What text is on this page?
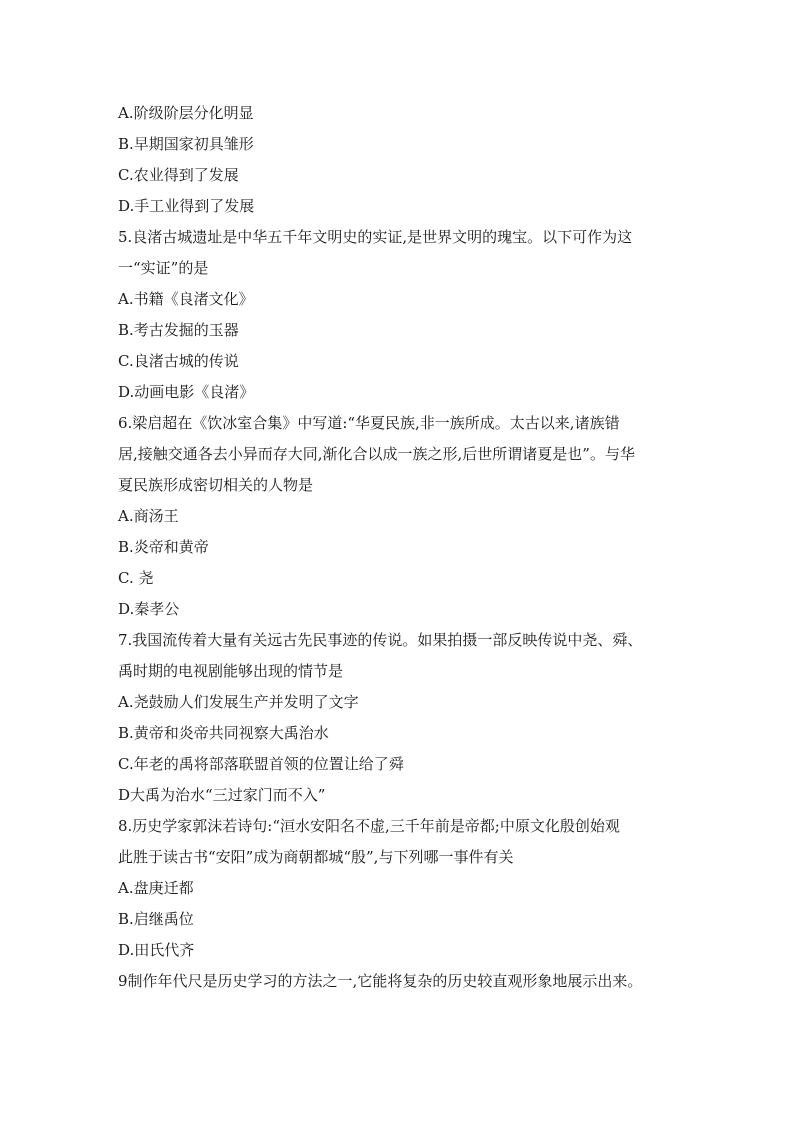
A.阶级阶层分化明显
B.早期国家初具雏形
C.农业得到了发展
D.手工业得到了发展
5.良渚古城遗址是中华五千年文明史的实证,是世界文明的瑰宝。以下可作为这
一“实证”的是
A.书籍《良渚文化》
B.考古发掘的玉器
C.良渚古城的传说
D.动画电影《良渚》
6.梁启超在《饮冰室合集》中写道:“华夏民族,非一族所成。太古以来,诸族错
居,接触交通各去小异而存大同,渐化合以成一族之形,后世所谓诸夏是也”。与华
夏民族形成密切相关的人物是
A.商汤王
B.炎帝和黄帝
C. 尧
D.秦孝公
7.我国流传着大量有关远古先民事迹的传说。如果拍摄一部反映传说中尧、舜、
禹时期的电视剧能够出现的情节是
A.尧鼓励人们发展生产并发明了文字
B.黄帝和炎帝共同视察大禹治水
C.年老的禹将部落联盟首领的位置让给了舜
D大禹为治水“三过家门而不入”
8.历史学家郭沫若诗句:“洹水安阳名不虚,三千年前是帝都;中原文化殷创始观
此胜于读古书“安阳”成为商朝都城“殷”,与下列哪一事件有关
A.盘庚迁都
B.启继禹位
D.田氏代齐
9制作年代尺是历史学习的方法之一,它能将复杂的历史较直观形象地展示出来。
